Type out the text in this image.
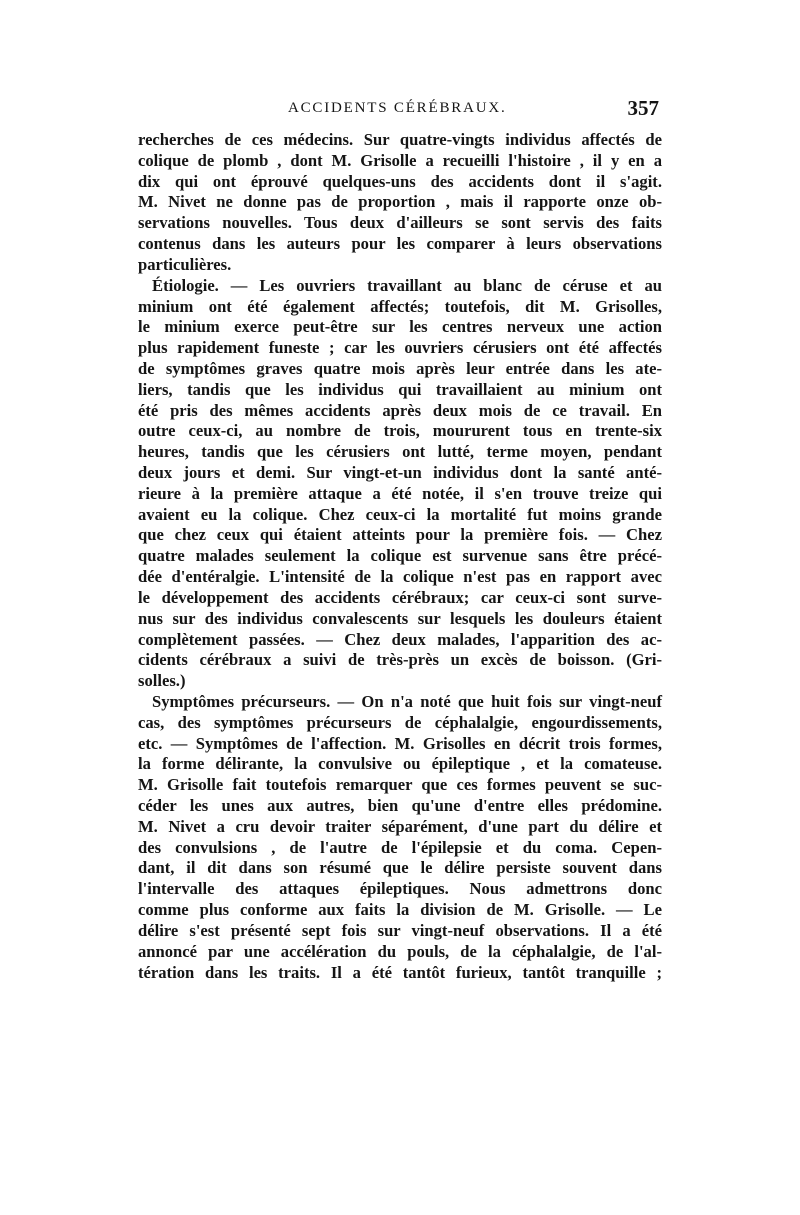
ACCIDENTS CÉRÉBRAUX.	357
recherches de ces médecins. Sur quatre-vingts individus affectés de
colique de plomb , dont M. Grisolle a recueilli l'histoire , il y en a
dix qui ont éprouvé quelques-uns des accidents dont il s'agit.
M. Nivet ne donne pas de proportion , mais il rapporte onze ob-
servations nouvelles. Tous deux d'ailleurs se sont servis des faits
contenus dans les auteurs pour les comparer à leurs observations
particulières.
Étiologie. — Les ouvriers travaillant au blanc de céruse et au
minium ont été également affectés; toutefois, dit M. Grisolles,
le minium exerce peut-être sur les centres nerveux une action
plus rapidement funeste ; car les ouvriers cérusiers ont été affectés
de symptômes graves quatre mois après leur entrée dans les ate-
liers, tandis que les individus qui travaillaient au minium ont
été pris des mêmes accidents après deux mois de ce travail. En
outre ceux-ci, au nombre de trois, moururent tous en trente-six
heures, tandis que les cérusiers ont lutté, terme moyen, pendant
deux jours et demi. Sur vingt-et-un individus dont la santé anté-
rieure à la première attaque a été notée, il s'en trouve treize qui
avaient eu la colique. Chez ceux-ci la mortalité fut moins grande
que chez ceux qui étaient atteints pour la première fois. — Chez
quatre malades seulement la colique est survenue sans être précé-
dée d'entéralgie. L'intensité de la colique n'est pas en rapport avec
le développement des accidents cérébraux; car ceux-ci sont surve-
nus sur des individus convalescents sur lesquels les douleurs étaient
complètement passées. — Chez deux malades, l'apparition des ac-
cidents cérébraux a suivi de très-près un excès de boisson. (Gri-
solles.)
Symptômes précurseurs. — On n'a noté que huit fois sur vingt-neuf
cas, des symptômes précurseurs de céphalalgie, engourdissements,
etc. — Symptômes de l'affection. M. Grisolles en décrit trois formes,
la forme délirante, la convulsive ou épileptique , et la comateuse.
M. Grisolle fait toutefois remarquer que ces formes peuvent se suc-
céder les unes aux autres, bien qu'une d'entre elles prédomine.
M. Nivet a cru devoir traiter séparément, d'une part du délire et
des convulsions , de l'autre de l'épilepsie et du coma. Cepen-
dant, il dit dans son résumé que le délire persiste souvent dans
l'intervalle des attaques épileptiques. Nous admettrons donc
comme plus conforme aux faits la division de M. Grisolle. — Le
délire s'est présenté sept fois sur vingt-neuf observations. Il a été
annoncé par une accélération du pouls, de la céphalalgie, de l'al-
tération dans les traits. Il a été tantôt furieux, tantôt tranquille ;
